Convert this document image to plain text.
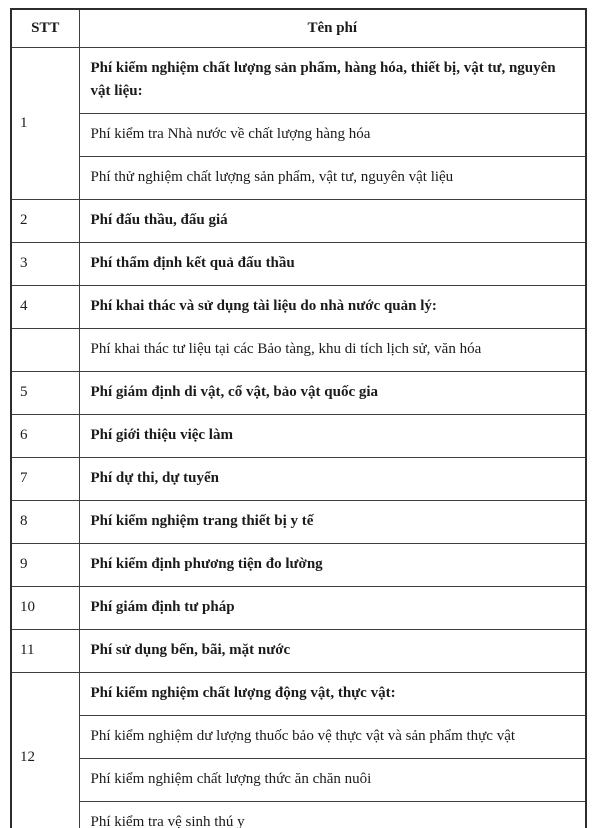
STT	Tên phí
1	Phí kiểm nghiệm chất lượng sản phẩm, hàng hóa, thiết bị, vật tư, nguyên vật liệu:
	Phí kiểm tra Nhà nước về chất lượng hàng hóa
	Phí thử nghiệm chất lượng sản phẩm, vật tư, nguyên vật liệu
2	Phí đấu thầu, đấu giá
3	Phí thẩm định kết quả đấu thầu
4	Phí khai thác và sử dụng tài liệu do nhà nước quản lý:
	Phí khai thác tư liệu tại các Bảo tàng, khu di tích lịch sử, văn hóa
5	Phí giám định di vật, cổ vật, bảo vật quốc gia
6	Phí giới thiệu việc làm
7	Phí dự thi, dự tuyển
8	Phí kiểm nghiệm trang thiết bị y tế
9	Phí kiểm định phương tiện đo lường
10	Phí giám định tư pháp
11	Phí sử dụng bến, bãi, mặt nước
12	Phí kiểm nghiệm chất lượng động vật, thực vật:
	Phí kiểm nghiệm dư lượng thuốc bảo vệ thực vật và sản phẩm thực vật
	Phí kiểm nghiệm chất lượng thức ăn chăn nuôi
	Phí kiểm tra vệ sinh thú y
